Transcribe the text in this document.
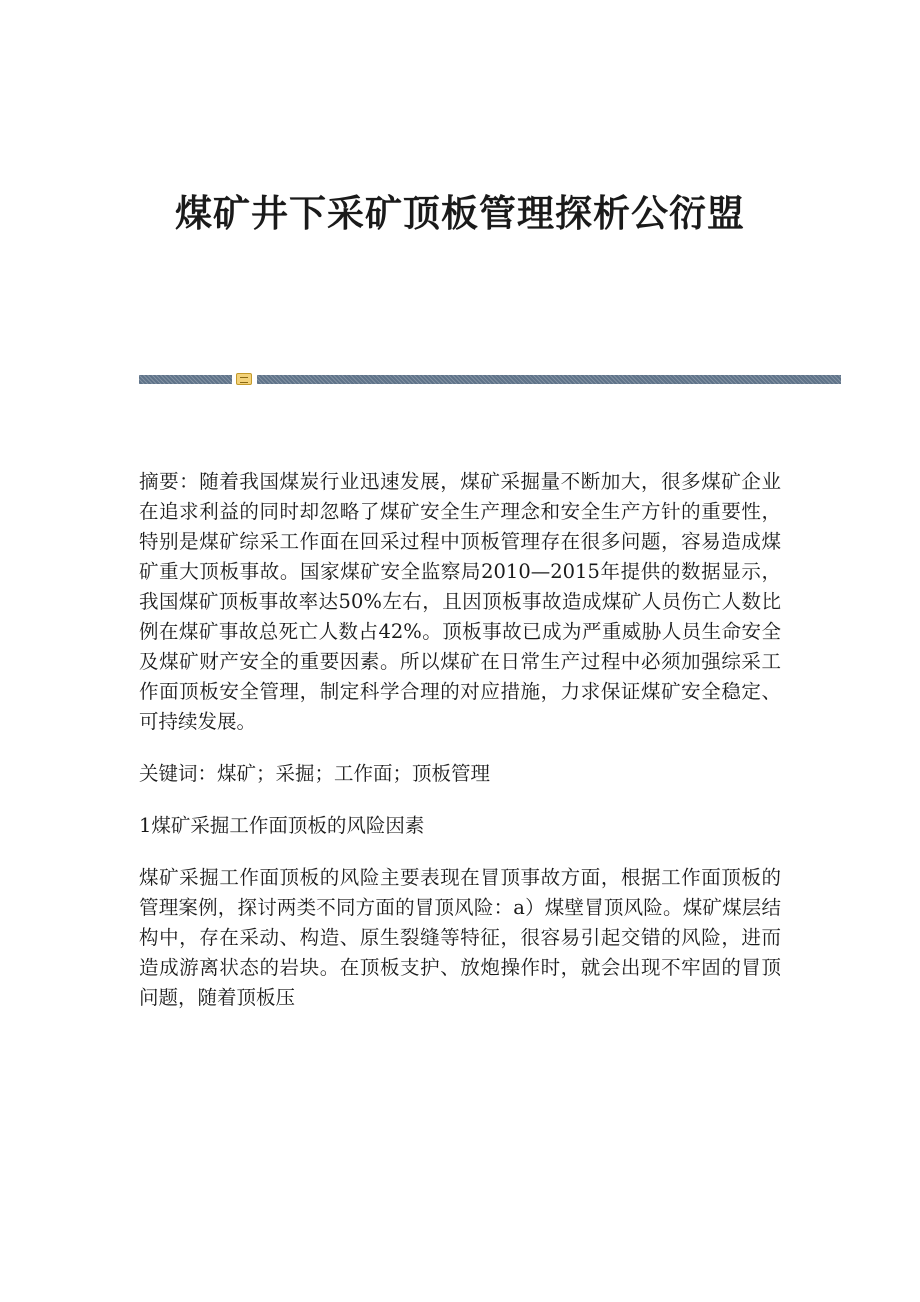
煤矿井下采矿顶板管理探析公衍盟

摘要：随着我国煤炭行业迅速发展，煤矿采掘量不断加大，很多煤矿企业在追求利益的同时却忽略了煤矿安全生产理念和安全生产方针的重要性，特别是煤矿综采工作面在回采过程中顶板管理存在很多问题，容易造成煤矿重大顶板事故。国家煤矿安全监察局2010—2015年提供的数据显示，我国煤矿顶板事故率达50%左右，且因顶板事故造成煤矿人员伤亡人数比例在煤矿事故总死亡人数占42%。顶板事故已成为严重威胁人员生命安全及煤矿财产安全的重要因素。所以煤矿在日常生产过程中必须加强综采工作面顶板安全管理，制定科学合理的对应措施，力求保证煤矿安全稳定、可持续发展。

关键词：煤矿；采掘；工作面；顶板管理

1煤矿采掘工作面顶板的风险因素

煤矿采掘工作面顶板的风险主要表现在冒顶事故方面，根据工作面顶板的管理案例，探讨两类不同方面的冒顶风险：a）煤壁冒顶风险。煤矿煤层结构中，存在采动、构造、原生裂缝等特征，很容易引起交错的风险，进而造成游离状态的岩块。在顶板支护、放炮操作时，就会出现不牢固的冒顶问题，随着顶板压
